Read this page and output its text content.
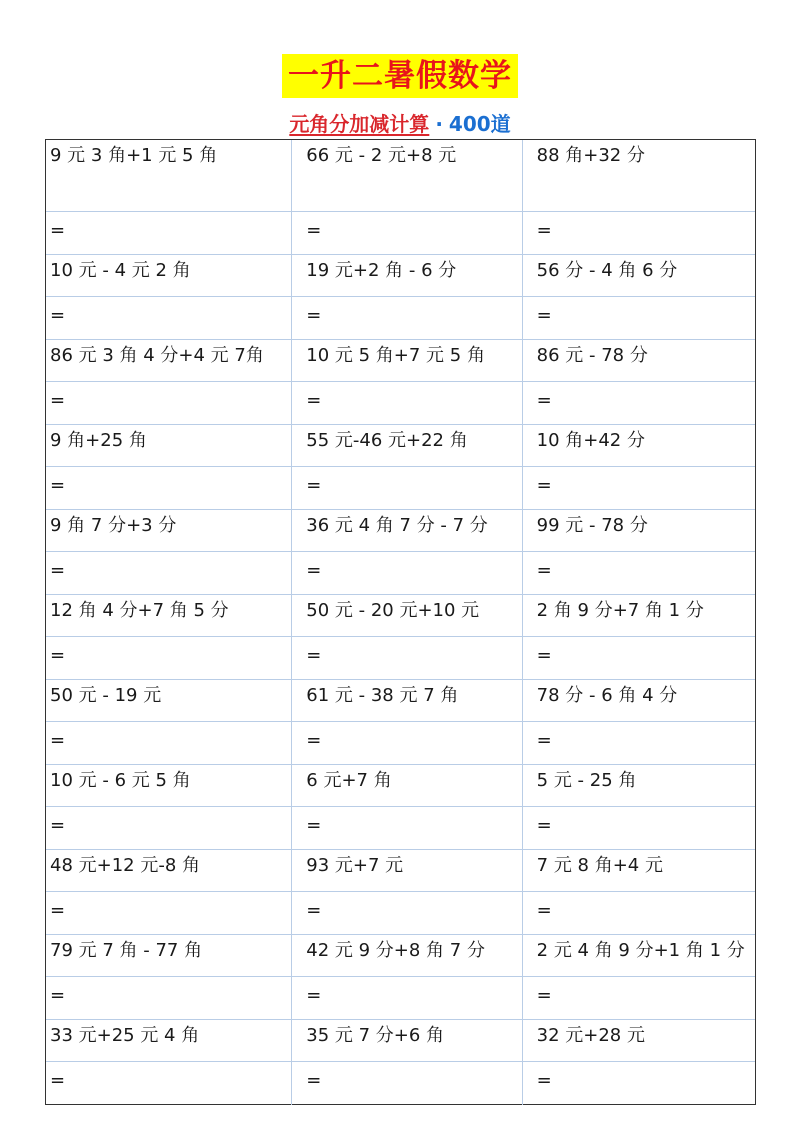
一升二暑假数学
元角分加减计算 · 400道
9 元 3 角+1 元 5 角	66 元 - 2 元+8 元	88 角+32 分
=	=	=
10 元 - 4 元 2 角	19 元+2 角 - 6 分	56 分 - 4 角 6 分
=	=	=
86 元 3 角 4 分+4 元 7角	10 元 5 角+7 元 5 角	86 元 - 78 分
=	=	=
9 角+25 角	55 元-46 元+22 角	10 角+42 分
=	=	=
9 角 7 分+3 分	36 元 4 角 7 分 - 7 分	99 元 - 78 分
=	=	=
12 角 4 分+7 角 5 分	50 元 - 20 元+10 元	2 角 9 分+7 角 1 分
=	=	=
50 元 - 19 元	61 元 - 38 元 7 角	78 分 - 6 角 4 分
=	=	=
10 元 - 6 元 5 角	6 元+7 角	5 元 - 25 角
=	=	=
48 元+12 元-8 角	93 元+7 元	7 元 8 角+4 元
=	=	=
79 元 7 角 - 77 角	42 元 9 分+8 角 7 分	2 元 4 角 9 分+1 角 1 分
=	=	=
33 元+25 元 4 角	35 元 7 分+6 角	32 元+28 元
=	=	=
